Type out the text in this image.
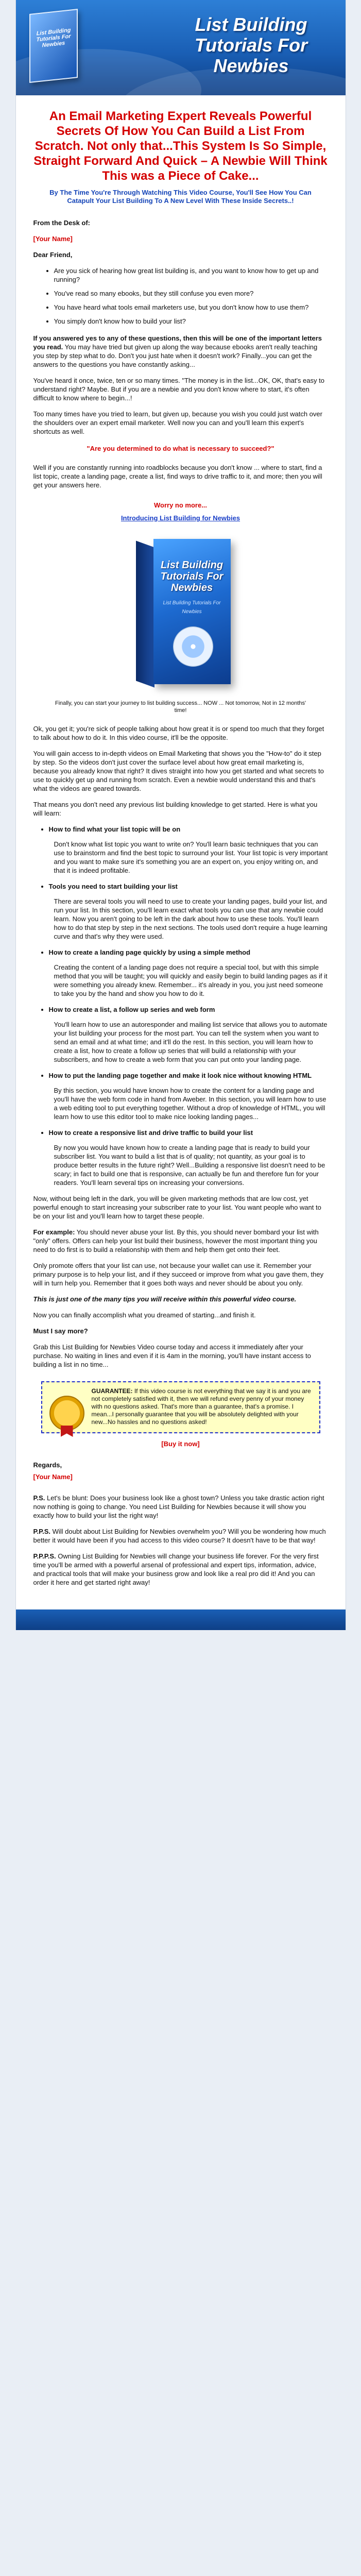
List Building Tutorials For Newbies
List Building Tutorials For Newbies
An Email Marketing Expert Reveals Powerful Secrets Of How You Can Build a List From Scratch. Not only that...This System Is So Simple, Straight Forward And Quick – A Newbie Will Think This was a Piece of Cake...
By The Time You're Through Watching This Video Course, You'll See How You Can Catapult Your List Building To A New Level With These Inside Secrets..!

From the Desk of:

[Your Name]

Dear Friend,

• Are you sick of hearing how great list building is, and you want to know how to get up and running?
• You've read so many ebooks, but they still confuse you even more?
• You have heard what tools email marketers use, but you don't know how to use them?
• You simply don't know how to build your list?

If you answered yes to any of these questions, then this will be one of the important letters you read. You may have tried but given up along the way because ebooks aren't really teaching you step by step what to do. Don't you just hate when it doesn't work? Finally...you can get the answers to the questions you have constantly asking...

You've heard it once, twice, ten or so many times. "The money is in the list...OK, OK, that's easy to understand right? Maybe. But if you are a newbie and you don't know where to start, it's often difficult to know where to begin...!

Too many times have you tried to learn, but given up, because you wish you could just watch over the shoulders over an expert email marketer. Well now you can and you'll learn this expert's shortcuts as well.

"Are you determined to do what is necessary to succeed?"

Well if you are constantly running into roadblocks because you don't know ... where to start, find a list topic, create a landing page, create a list, find ways to drive traffic to it, and more; then you will get your answers here.

Worry no more...
Introducing List Building for Newbies
List Building Tutorials For Newbies
List Building Tutorials For Newbies
Finally, you can start your journey to list building success... NOW ... Not tomorrow, Not in 12 months' time!

Ok, you get it; you're sick of people talking about how great it is or spend too much that they forget to talk about how to do it. In this video course, it'll be the opposite.

You will gain access to in-depth videos on Email Marketing that shows you the "How-to" do it step by step. So the videos don't just cover the surface level about how great email marketing is, because you already know that right? It dives straight into how you get started and what secrets to use to quickly get up and running from scratch. Even a newbie would understand this and that's what the videos are geared towards.

That means you don't need any previous list building knowledge to get started. Here is what you will learn:

• How to find what your list topic will be on

Don't know what list topic you want to write on? You'll learn basic techniques that you can use to brainstorm and find the best topic to surround your list. Your list topic is very important and you want to make sure it's something you are an expert on, you enjoy writing on, and that it is indeed profitable.

• Tools you need to start building your list

There are several tools you will need to use to create your landing pages, build your list, and run your list. In this section, you'll learn exact what tools you can use that any newbie could learn. Now you aren't going to be left in the dark about how to use these tools. You'll learn how to do that step by step in the next sections. The tools used don't require a huge learning curve and that's why they were used.

• How to create a landing page quickly by using a simple method

Creating the content of a landing page does not require a special tool, but with this simple method that you will be taught; you will quickly and easily begin to build landing pages as if it were something you already knew. Remember... it's already in you, you just need someone to take you by the hand and show you how to do it.

• How to create a list, a follow up series and web form

You'll learn how to use an autoresponder and mailing list service that allows you to automate your list building your process for the most part. You can tell the system when you want to send an email and at what time; and it'll do the rest. In this section, you will learn how to create a list, how to create a follow up series that will build a relationship with your subscribers, and how to create a web form that you can put onto your landing page.

• How to put the landing page together and make it look nice without knowing HTML

By this section, you would have known how to create the content for a landing page and you'll have the web form code in hand from Aweber. In this section, you will learn how to use a web editing tool to put everything together. Without a drop of knowledge of HTML, you will learn how to use this editor tool to make nice looking landing pages...

• How to create a responsive list and drive traffic to build your list

By now you would have known how to create a landing page that is ready to build your subscriber list. You want to build a list that is of quality; not quantity, as your goal is to produce better results in the future right? Well...Building a responsive list doesn't need to be scary; in fact to build one that is responsive, can actually be fun and therefore fun for your readers. You'll learn several tips on increasing your conversions.

Now, without being left in the dark, you will be given marketing methods that are low cost, yet powerful enough to start increasing your subscriber rate to your list. You want people who want to be on your list and you'll learn how to target these people.

For example: You should never abuse your list. By this, you should never bombard your list with "only" offers. Offers can help your list build their business, however the most important thing you need to do first is to build a relationship with them and help them get onto their feet.

Only promote offers that your list can use, not because your wallet can use it. Remember your primary purpose is to help your list, and if they succeed or improve from what you gave them, they will in turn help you. Remember that it goes both ways and never should be about you only.

This is just one of the many tips you will receive within this powerful video course.

Now you can finally accomplish what you dreamed of starting...and finish it.

Must I say more?

Grab this List Building for Newbies Video course today and access it immediately after your purchase. No waiting in lines and even if it is 4am in the morning, you'll have instant access to building a list in no time...

GUARANTEE: If this video course is not everything that we say it is and you are not completely satisfied with it, then we will refund every penny of your money with no questions asked. That's more than a guarantee, that's a promise. I mean...I personally guarantee that you will be absolutely delighted with your new...No hassles and no questions asked!
[Buy it now]

Regards,

[Your Name]

P.S. Let's be blunt: Does your business look like a ghost town? Unless you take drastic action right now nothing is going to change. You need List Building for Newbies because it will show you exactly how to build your list the right way!

P.P.S. Will doubt about List Building for Newbies overwhelm you? Will you be wondering how much better it would have been if you had access to this video course? It doesn't have to be that way!

P.P.P.S. Owning List Building for Newbies will change your business life forever. For the very first time you'll be armed with a powerful arsenal of professional and expert tips, information, advice, and practical tools that will make your business grow and look like a real pro did it! And you can order it here and get started right away!
